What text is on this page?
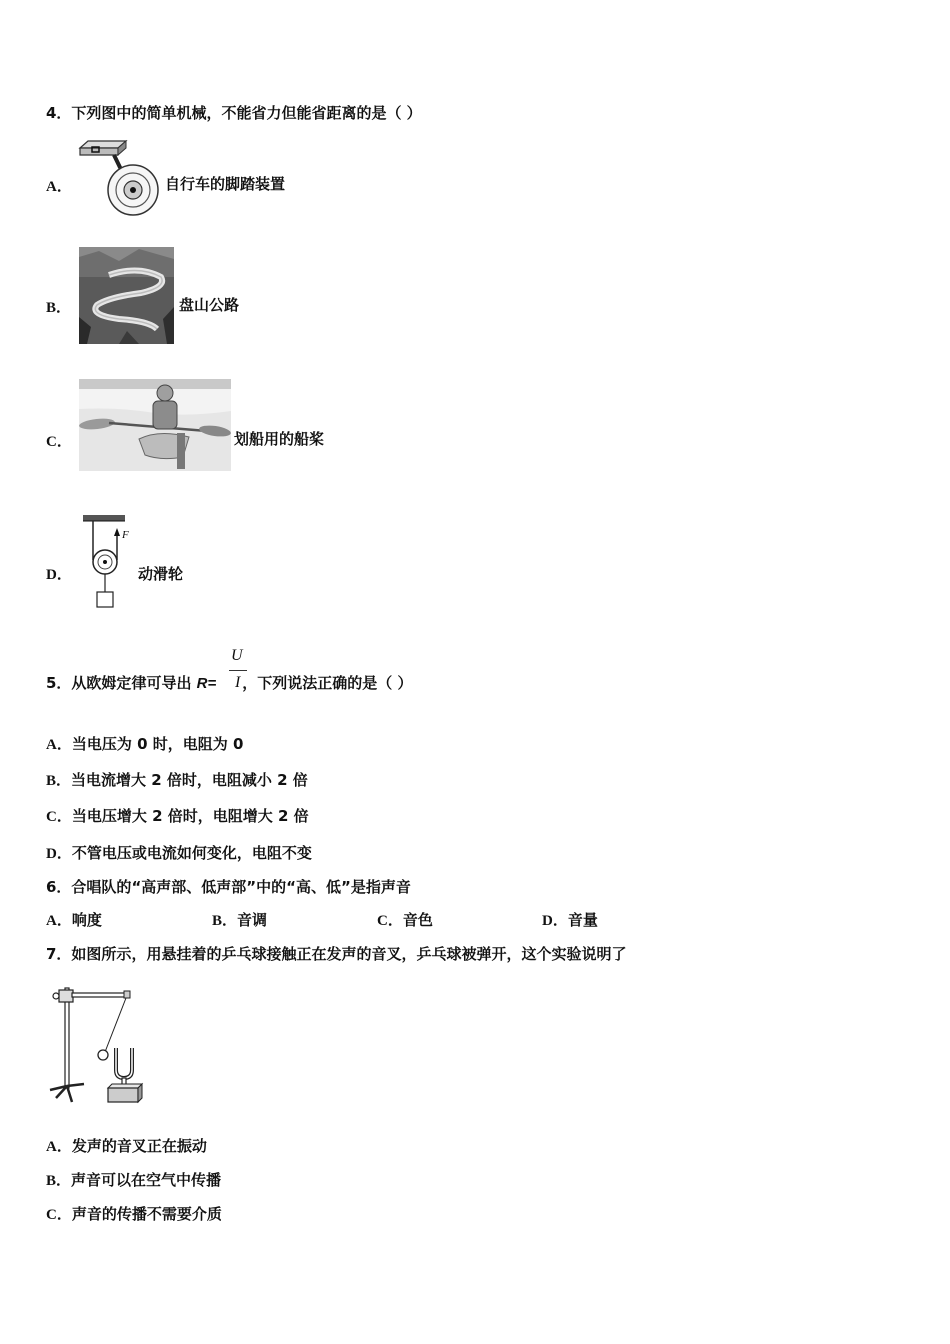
4．下列图中的简单机械，不能省力但能省距离的是（ ）
A．	自行车的脚踏装置
B．	盘山公路
C．	划船用的船桨
D．
F
动滑轮
5．从欧姆定律可导出 R= ，下列说法正确的是（ ）
U
I
A．当电压为 0 时，电阻为 0
B．当电流增大 2 倍时，电阻减小 2 倍
C．当电压增大 2 倍时，电阻增大 2 倍
D．不管电压或电流如何变化，电阻不变
6．合唱队的“高声部、低声部”中的“高、低”是指声音
A．响度	B．音调	C．音色	D．音量
7．如图所示，用悬挂着的乒乓球接触正在发声的音叉，乒乓球被弹开，这个实验说明了
A．发声的音叉正在振动
B．声音可以在空气中传播
C．声音的传播不需要介质
